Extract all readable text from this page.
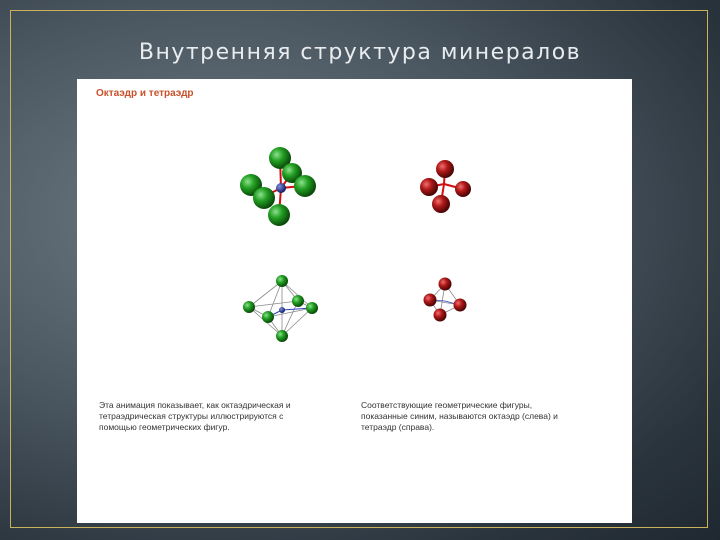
Внутренняя структура минералов
Октаэдр и тетраэдр
Эта анимация показывает, как октаэдрическая и
тетраэдрическая структуры иллюстрируются с
помощью геометрических фигур.
Соответствующие геометрические фигуры,
показанные синим, называются октаэдр (слева) и
тетраэдр (справа).
